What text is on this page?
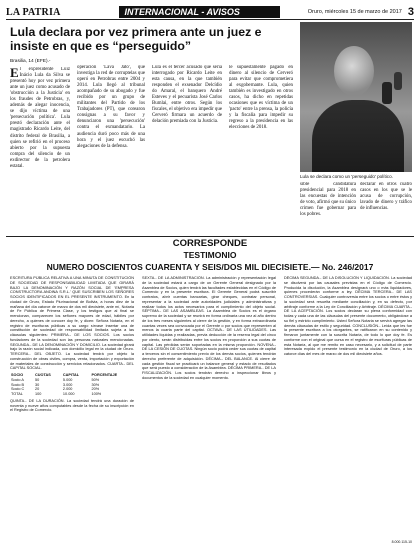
LA PATRIA	INTERNACIONAL - AVISOS	Oruro, miércoles 15 de marzo de 2017 3
Lula declara por vez primera ante un juez e insiste en que es “perseguido”
Lula se declara como un 'perseguido' político.
Brasilia, 14 (EFE).-
El expresidente Luiz Inácio Lula da Silva se presentó hoy por vez primera ante un juez como acusado de 'obstrucción a la Justicia' en los fraudes de Petrobras, y, además de alegar inocencia, se dijo víctima de una 'persecución política'. Lula prestó declaración ante el magistrado Ricardo Leite, del distrito federal de Brasilia, a quien se refirió en el proceso abierto por la supuesta compra del silencio de un exdirector de la petrolera estatal.
operación 'Lava Jato', que investiga la red de corruptelas que operó en Petrobras entre 2004 y 2014. Lula llegó al tribunal acompañado de su abogado y fue recibido por un grupo de militantes del Partido de los Trabajadores (PT), que corearon consignas a su favor y denunciaron una 'persecución' contra el exmandatario. La audiencia duró poco más de una hora y el juez escuchó las alegaciones de la defensa.
Lula es el tercer acusado que sería interrogado por Ricardo Leite en esta causa, en la que también responden el exsenador Delcídio do Amaral, el banquero André Esteves y el pecuarista José Carlos Bumlai, entre otros. Según los fiscales, el objetivo era impedir que Cerveró firmara un acuerdo de delación premiada con la Justicia.
le supuestamente pagado en dinero al silencio de Cerveró para evitar que comprometiera al exgobernante. Lula, quien también es investigado en otros casos, ha dicho en repetidas ocasiones que es víctima de un 'pacto' entre la prensa, la policía y la fiscalía para impedir su regreso a la presidencia en las elecciones de 2018.
sible candidatura presidencial para 2018 en las encuestas de intención de voto, afirmó que su único crimen fue gobernar para los pobres.
declarar en otros cuatro casos en los que se le acusa de corrupción, lavado de dinero y tráfico de influencias.
CORRESPONDE
TESTIMONIO
NUMERO DOSCIENTOS CUARENTA Y SEIS/DOS MIL DIECISIETE.— No. 246/2017
ESCRITURA PÚBLICA RELATIVA A UNA MINUTA DE CONSTITUCIÓN DE SOCIEDAD DE RESPONSABILIDAD LIMITADA QUE GIRARÁ BAJO LA DENOMINACIÓN Y RAZÓN SOCIAL DE 'EMPRESA CONSTRUCTORA ANDINA S.R.L.' QUE SUSCRIBEN LOS SEÑORES SOCIOS IDENTIFICADOS EN EL PRESENTE INSTRUMENTO. En la ciudad de Oruro, Estado Plurinacional de Bolivia, a horas diez de la mañana del día catorce de marzo de dos mil diecisiete, ante mí, Notaria de Fe Pública de Primera Clase, y los testigos que al final se mencionan, comparecen los señores mayores de edad, hábiles por derecho, a quienes de conocer doy fe, y dicen: Señora Notaria, en el registro de escrituras públicas a su cargo sírvase insertar una de constitución de sociedad de responsabilidad limitada sujeta a las cláusulas siguientes: PRIMERA.- DE LOS SOCIOS. Los socios fundadores de la sociedad son las personas naturales mencionadas. SEGUNDA.- DE LA DENOMINACIÓN Y DOMICILIO. La sociedad girará bajo la razón social indicada, con domicilio legal en la ciudad de Oruro. TERCERA.- DEL OBJETO. La sociedad tendrá por objeto la construcción de obras civiles, compra, venta, importación y exportación de materiales de construcción y servicios relacionados. CUARTA.- DEL CAPITAL SOCIAL.
SOCIO	CUOTAS	CAPITAL	PORCENTAJE
Socio A	50	5.000	50%
Socio B	30	3.000	30%
Socio C	20	2.000	20%
TOTAL	100	10.000	100%
QUINTA.- DE LA DURACIÓN. La sociedad tendrá una duración de noventa y nueve años computables desde la fecha de su inscripción en el Registro de Comercio.
SEXTA.- DE LA ADMINISTRACIÓN. La administración y representación legal de la sociedad estará a cargo de un Gerente General designado por la Asamblea de Socios, quien tendrá las facultades establecidas en el Código de Comercio y en la presente escritura. El Gerente General podrá suscribir contratos, abrir cuentas bancarias, girar cheques, contratar personal, representar a la sociedad ante autoridades judiciales y administrativas y realizar todos los actos necesarios para el cumplimiento del objeto social. SÉPTIMA.- DE LAS ASAMBLEAS. La Asamblea de Socios es el órgano supremo de la sociedad y se reunirá en forma ordinaria una vez al año dentro de los tres meses siguientes al cierre de la gestión, y en forma extraordinaria cuantas veces sea convocada por el Gerente o por socios que representen al menos la cuarta parte del capital. OCTAVA.- DE LAS UTILIDADES. Las utilidades líquidas y realizadas, previa deducción de la reserva legal del cinco por ciento, serán distribuidas entre los socios en proporción a sus cuotas de capital. Las pérdidas serán soportadas en la misma proporción. NOVENA.- DE LA CESIÓN DE CUOTAS. Ningún socio podrá ceder sus cuotas de capital a terceros sin el consentimiento previo de los demás socios, quienes tendrán derecho preferente de adquisición. DÉCIMA.- DEL BALANCE. Al cierre de cada gestión fiscal se practicará un balance general y estado de resultados que será puesto a consideración de la Asamblea. DÉCIMA PRIMERA.- DE LA FISCALIZACIÓN. Los socios tendrán derecho a inspeccionar libros y documentos de la sociedad en cualquier momento.
DÉCIMA SEGUNDA.- DE LA DISOLUCIÓN Y LIQUIDACIÓN. La sociedad se disolverá por las causales previstas en el Código de Comercio. Producida la disolución, la Asamblea designará uno o más liquidadores, quienes procederán conforme a ley. DÉCIMA TERCERA.- DE LAS CONTROVERSIAS. Cualquier controversia entre los socios o entre éstos y la sociedad será resuelta mediante conciliación y, en su defecto, por arbitraje conforme a la Ley de Conciliación y Arbitraje. DÉCIMA CUARTA.- DE LA ACEPTACIÓN. Los socios declaran su plena conformidad con todas y cada una de las cláusulas del presente documento, obligándose a su fiel y estricto cumplimiento. Usted Señora Notaria se servirá agregar las demás cláusulas de estilo y seguridad. CONCLUSIÓN.- Leída que les fue la presente escritura a los otorgantes, se ratificaron en su contenido y firmaron juntamente con la suscrita Notaria, de todo lo que doy fe. Es conforme con el original que cursa en el registro de escrituras públicas de esta Notaría, al que me remito en caso necesario, y a solicitud de parte interesada expido el presente testimonio en la ciudad de Oruro, a los catorce días del mes de marzo de dos mil diecisiete años.
8.000.115-10
